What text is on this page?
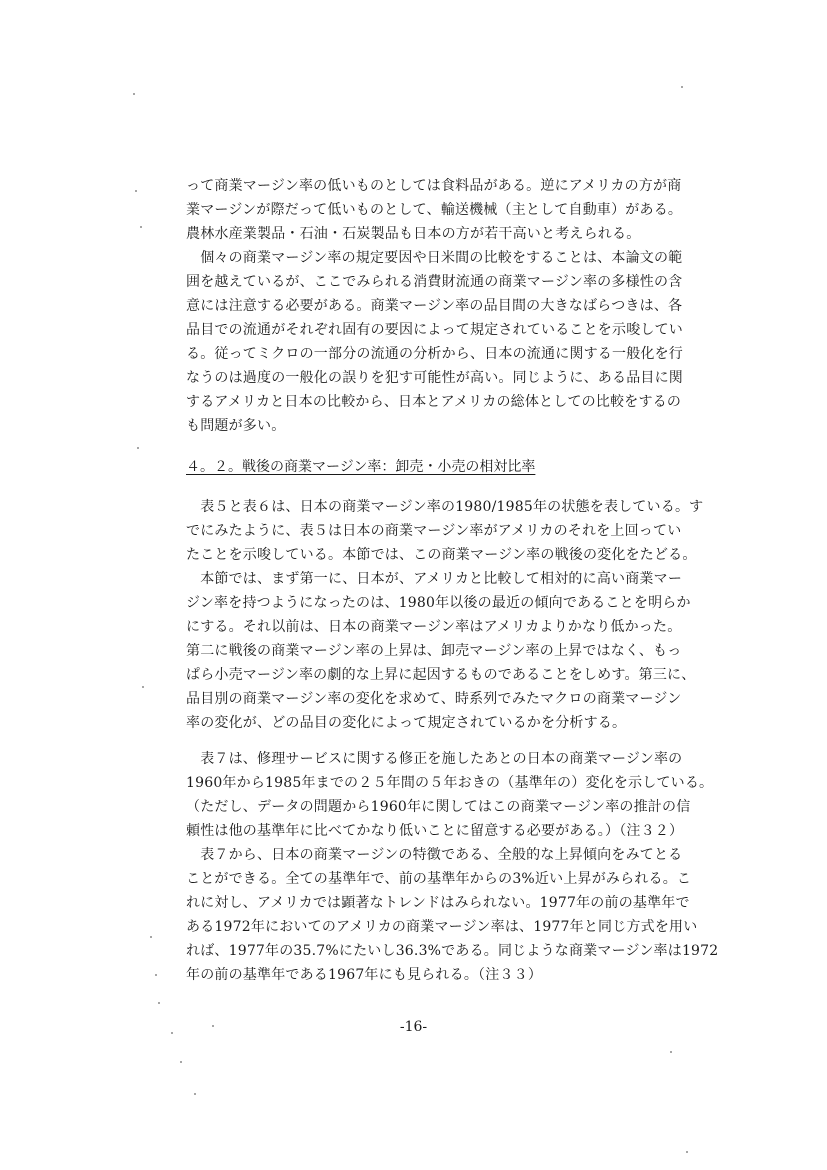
って商業マージン率の低いものとしては食料品がある。逆にアメリカの方が商
業マージンが際だって低いものとして、輸送機械（主として自動車）がある。
農林水産業製品・石油・石炭製品も日本の方が若干高いと考えられる。
　個々の商業マージン率の規定要因や日米間の比較をすることは、本論文の範
囲を越えているが、ここでみられる消費財流通の商業マージン率の多様性の含
意には注意する必要がある。商業マージン率の品目間の大きなばらつきは、各
品目での流通がそれぞれ固有の要因によって規定されていることを示唆してい
る。従ってミクロの一部分の流通の分析から、日本の流通に関する一般化を行
なうのは過度の一般化の誤りを犯す可能性が高い。同じように、ある品目に関
するアメリカと日本の比較から、日本とアメリカの総体としての比較をするの
も問題が多い。
４。２。戦後の商業マージン率：卸売・小売の相対比率
　表５と表６は、日本の商業マージン率の1980/1985年の状態を表している。す
でにみたように、表５は日本の商業マージン率がアメリカのそれを上回ってい
たことを示唆している。本節では、この商業マージン率の戦後の変化をたどる。
　本節では、まず第一に、日本が、アメリカと比較して相対的に高い商業マー
ジン率を持つようになったのは、1980年以後の最近の傾向であることを明らか
にする。それ以前は、日本の商業マージン率はアメリカよりかなり低かった。
第二に戦後の商業マージン率の上昇は、卸売マージン率の上昇ではなく、もっ
ぱら小売マージン率の劇的な上昇に起因するものであることをしめす。第三に、
品目別の商業マージン率の変化を求めて、時系列でみたマクロの商業マージン
率の変化が、どの品目の変化によって規定されているかを分析する。
　表７は、修理サービスに関する修正を施したあとの日本の商業マージン率の
1960年から1985年までの２５年間の５年おきの（基準年の）変化を示している。
（ただし、データの問題から1960年に関してはこの商業マージン率の推計の信
頼性は他の基準年に比べてかなり低いことに留意する必要がある。）（注３２）
　表７から、日本の商業マージンの特徴である、全般的な上昇傾向をみてとる
ことができる。全ての基準年で、前の基準年からの3%近い上昇がみられる。こ
れに対し、アメリカでは顕著なトレンドはみられない。1977年の前の基準年で
ある1972年においてのアメリカの商業マージン率は、1977年と同じ方式を用い
れば、1977年の35.7%にたいし36.3%である。同じような商業マージン率は1972
年の前の基準年である1967年にも見られる。（注３３）
-16-
